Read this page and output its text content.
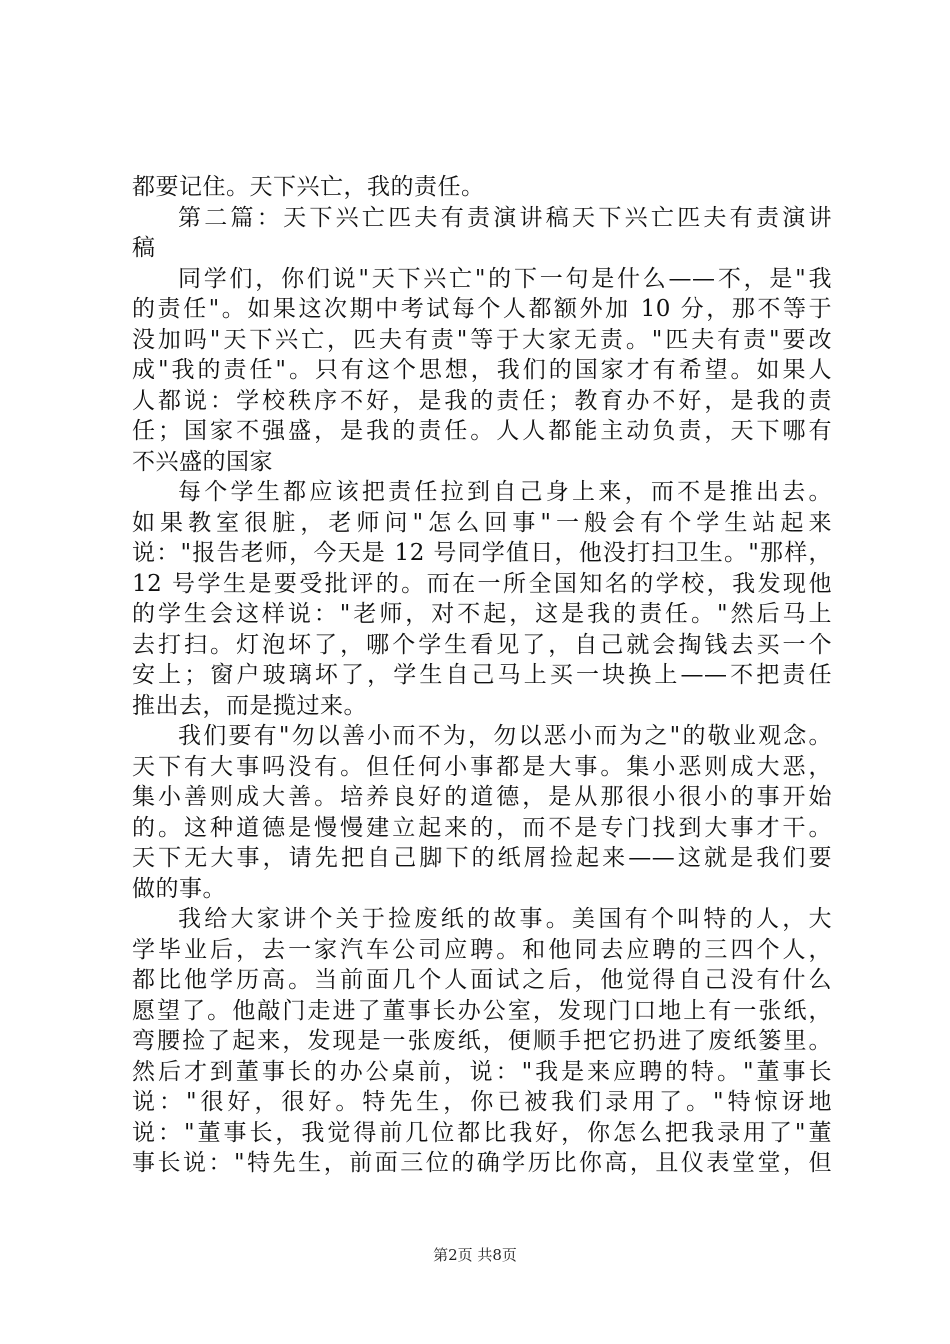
都要记住。天下兴亡，我的责任。
第二篇：天下兴亡匹夫有责演讲稿天下兴亡匹夫有责演讲
稿
同学们，你们说"天下兴亡"的下一句是什么——不，是"我
的责任"。如果这次期中考试每个人都额外加 10 分，那不等于
没加吗"天下兴亡，匹夫有责"等于大家无责。"匹夫有责"要改
成"我的责任"。只有这个思想，我们的国家才有希望。如果人
人都说：学校秩序不好，是我的责任；教育办不好，是我的责
任；国家不强盛，是我的责任。人人都能主动负责，天下哪有
不兴盛的国家
每个学生都应该把责任拉到自己身上来，而不是推出去。
如果教室很脏，老师问"怎么回事"一般会有个学生站起来
说："报告老师，今天是 12 号同学值日，他没打扫卫生。"那样，
12 号学生是要受批评的。而在一所全国知名的学校，我发现他
的学生会这样说："老师，对不起，这是我的责任。"然后马上
去打扫。灯泡坏了，哪个学生看见了，自己就会掏钱去买一个
安上；窗户玻璃坏了，学生自己马上买一块换上——不把责任
推出去，而是揽过来。
我们要有"勿以善小而不为，勿以恶小而为之"的敬业观念。
天下有大事吗没有。但任何小事都是大事。集小恶则成大恶，
集小善则成大善。培养良好的道德，是从那很小很小的事开始
的。这种道德是慢慢建立起来的，而不是专门找到大事才干。
天下无大事，请先把自己脚下的纸屑捡起来——这就是我们要
做的事。
我给大家讲个关于捡废纸的故事。美国有个叫特的人，大
学毕业后，去一家汽车公司应聘。和他同去应聘的三四个人，
都比他学历高。当前面几个人面试之后，他觉得自己没有什么
愿望了。他敲门走进了董事长办公室，发现门口地上有一张纸，
弯腰捡了起来，发现是一张废纸，便顺手把它扔进了废纸篓里。
然后才到董事长的办公桌前，说："我是来应聘的特。"董事长
说："很好，很好。特先生，你已被我们录用了。"特惊讶地
说："董事长，我觉得前几位都比我好，你怎么把我录用了"董
事长说："特先生，前面三位的确学历比你高，且仪表堂堂，但
第2页 共8页
